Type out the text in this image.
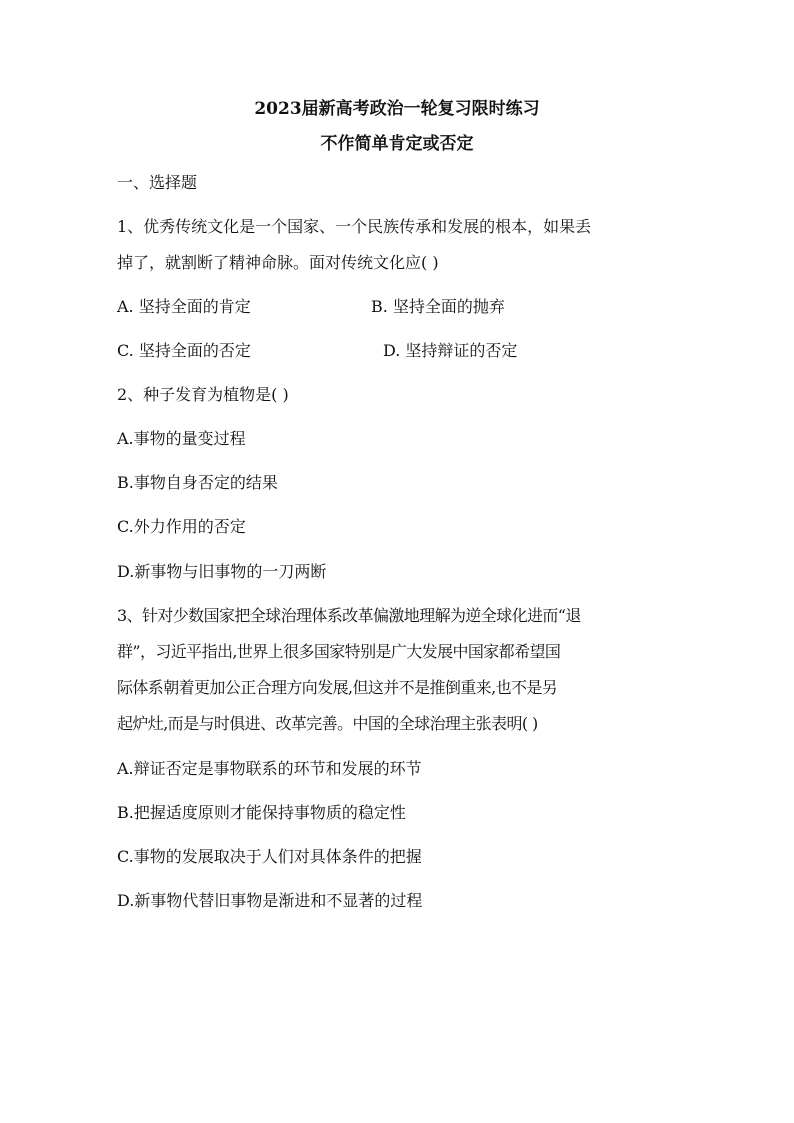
2023届新高考政治一轮复习限时练习
不作简单肯定或否定
一、选择题
1、优秀传统文化是一个国家、一个民族传承和发展的根本，如果丢
掉了，就割断了精神命脉。面对传统文化应( )
A. 坚持全面的肯定	B. 坚持全面的抛弃
C. 坚持全面的否定	D. 坚持辩证的否定
2、种子发育为植物是( )
A.事物的量变过程
B.事物自身否定的结果
C.外力作用的否定
D.新事物与旧事物的一刀两断
3、针对少数国家把全球治理体系改革偏激地理解为逆全球化进而“退
群”，习近平指出,世界上很多国家特别是广大发展中国家都希望国
际体系朝着更加公正合理方向发展,但这并不是推倒重来,也不是另
起炉灶,而是与时俱进、改革完善。中国的全球治理主张表明( )
A.辩证否定是事物联系的环节和发展的环节
B.把握适度原则才能保持事物质的稳定性
C.事物的发展取决于人们对具体条件的把握
D.新事物代替旧事物是渐进和不显著的过程
